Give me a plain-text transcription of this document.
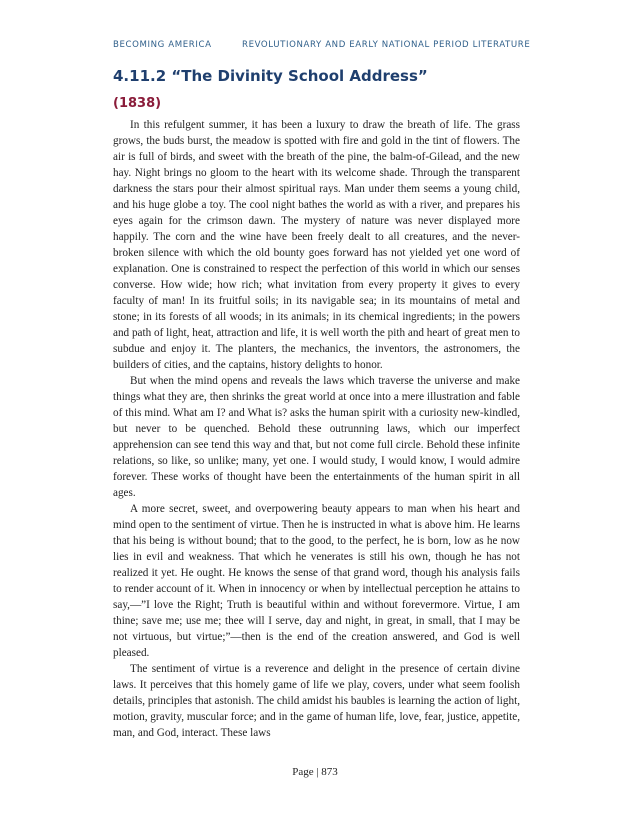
BECOMING AMERICA	REVOLUTIONARY AND EARLY NATIONAL PERIOD LITERATURE
4.11.2 “The Divinity School Address”
(1838)

In this refulgent summer, it has been a luxury to draw the breath of life. The grass grows, the buds burst, the meadow is spotted with fire and gold in the tint of flowers. The air is full of birds, and sweet with the breath of the pine, the balm-of-Gilead, and the new hay. Night brings no gloom to the heart with its welcome shade. Through the transparent darkness the stars pour their almost spiritual rays. Man under them seems a young child, and his huge globe a toy. The cool night bathes the world as with a river, and prepares his eyes again for the crimson dawn. The mystery of nature was never displayed more happily. The corn and the wine have been freely dealt to all creatures, and the never-broken silence with which the old bounty goes forward has not yielded yet one word of explanation. One is constrained to respect the perfection of this world in which our senses converse. How wide; how rich; what invitation from every property it gives to every faculty of man! In its fruitful soils; in its navigable sea; in its mountains of metal and stone; in its forests of all woods; in its animals; in its chemical ingredients; in the powers and path of light, heat, attraction and life, it is well worth the pith and heart of great men to subdue and enjoy it. The planters, the mechanics, the inventors, the astronomers, the builders of cities, and the captains, history delights to honor.

But when the mind opens and reveals the laws which traverse the universe and make things what they are, then shrinks the great world at once into a mere illustration and fable of this mind. What am I? and What is? asks the human spirit with a curiosity new-kindled, but never to be quenched. Behold these outrunning laws, which our imperfect apprehension can see tend this way and that, but not come full circle. Behold these infinite relations, so like, so unlike; many, yet one. I would study, I would know, I would admire forever. These works of thought have been the entertainments of the human spirit in all ages.

A more secret, sweet, and overpowering beauty appears to man when his heart and mind open to the sentiment of virtue. Then he is instructed in what is above him. He learns that his being is without bound; that to the good, to the perfect, he is born, low as he now lies in evil and weakness. That which he venerates is still his own, though he has not realized it yet. He ought. He knows the sense of that grand word, though his analysis fails to render account of it. When in innocency or when by intellectual perception he attains to say,—”I love the Right; Truth is beautiful within and without forevermore. Virtue, I am thine; save me; use me; thee will I serve, day and night, in great, in small, that I may be not virtuous, but virtue;”—then is the end of the creation answered, and God is well pleased.

The sentiment of virtue is a reverence and delight in the presence of certain divine laws. It perceives that this homely game of life we play, covers, under what seem foolish details, principles that astonish. The child amidst his baubles is learning the action of light, motion, gravity, muscular force; and in the game of human life, love, fear, justice, appetite, man, and God, interact. These laws

Page | 873
